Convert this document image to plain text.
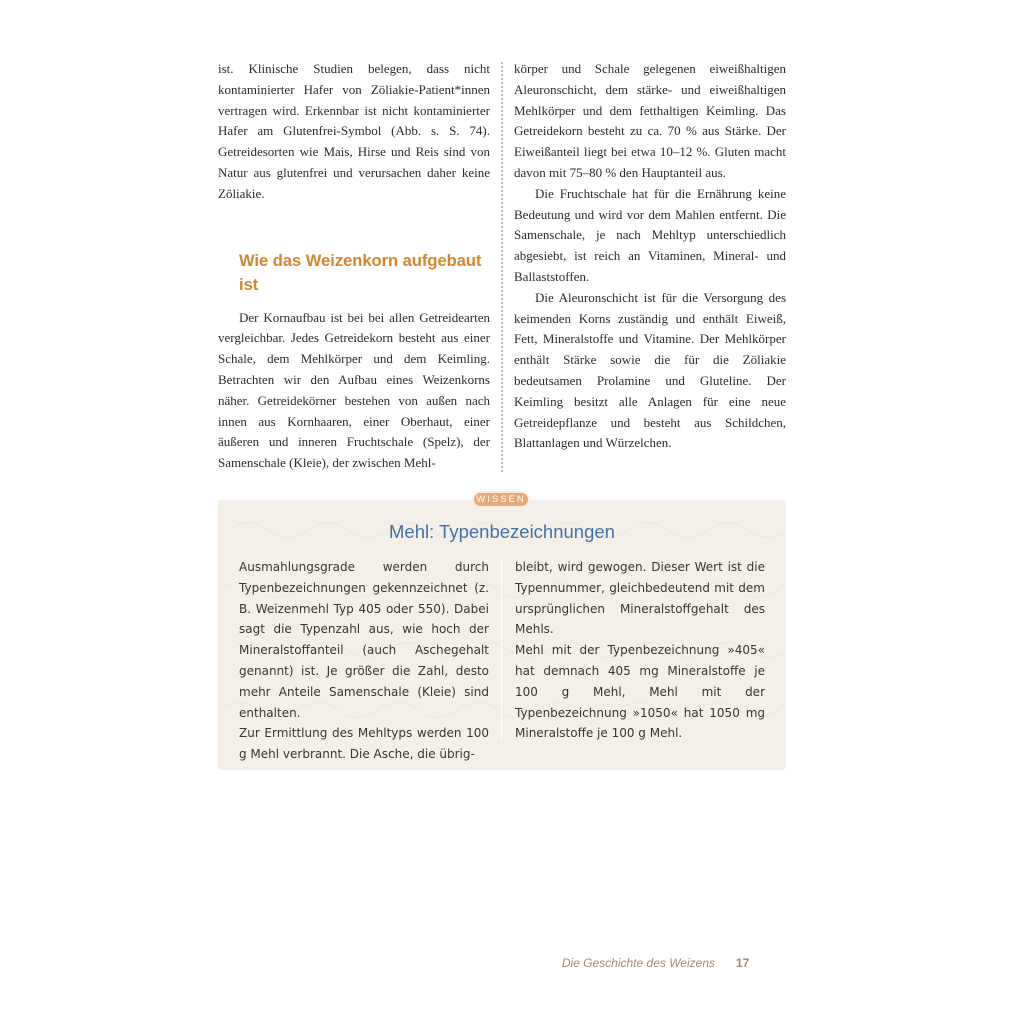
ist. Klinische Studien belegen, dass nicht kontaminierter Hafer von Zöliakie-Patient*innen vertragen wird. Erkennbar ist nicht kontaminierter Hafer am Glutenfrei-Symbol (Abb. s. S. 74). Getreidesorten wie Mais, Hirse und Reis sind von Natur aus glutenfrei und verursachen daher keine Zöliakie.

Wie das Weizenkorn aufgebaut ist

Der Kornaufbau ist bei bei allen Getreidearten vergleichbar. Jedes Getreidekorn besteht aus einer Schale, dem Mehlkörper und dem Keimling. Betrachten wir den Aufbau eines Weizenkorns näher. Getreidekörner bestehen von außen nach innen aus Kornhaaren, einer Oberhaut, einer äußeren und inneren Fruchtschale (Spelz), der Samenschale (Kleie), der zwischen Mehl-

körper und Schale gelegenen eiweißhaltigen Aleuronschicht, dem stärke- und eiweißhaltigen Mehlkörper und dem fetthaltigen Keimling. Das Getreidekorn besteht zu ca. 70 % aus Stärke. Der Eiweißanteil liegt bei etwa 10–12 %. Gluten macht davon mit 75–80 % den Hauptanteil aus.

Die Fruchtschale hat für die Ernährung keine Bedeutung und wird vor dem Mahlen entfernt. Die Samenschale, je nach Mehltyp unterschiedlich abgesiebt, ist reich an Vitaminen, Mineral- und Ballaststoffen.

Die Aleuronschicht ist für die Versorgung des keimenden Korns zuständig und enthält Eiweiß, Fett, Mineralstoffe und Vitamine. Der Mehlkörper enthält Stärke sowie die für die Zöliakie bedeutsamen Prolamine und Gluteline. Der Keimling besitzt alle Anlagen für eine neue Getreidepflanze und besteht aus Schildchen, Blattanlagen und Würzelchen.

WISSEN
Mehl: Typenbezeichnungen

Ausmahlungsgrade werden durch Typenbezeichnungen gekennzeichnet (z. B. Weizenmehl Typ 405 oder 550). Dabei sagt die Typenzahl aus, wie hoch der Mineralstoffanteil (auch Aschegehalt genannt) ist. Je größer die Zahl, desto mehr Anteile Samenschale (Kleie) sind enthalten.

Zur Ermittlung des Mehltyps werden 100 g Mehl verbrannt. Die Asche, die übrig-

bleibt, wird gewogen. Dieser Wert ist die Typennummer, gleichbedeutend mit dem ursprünglichen Mineralstoffgehalt des Mehls.

Mehl mit der Typenbezeichnung »405« hat demnach 405 mg Mineralstoffe je 100 g Mehl, Mehl mit der Typenbezeichnung »1050« hat 1050 mg Mineralstoffe je 100 g Mehl.

Die Geschichte des Weizens 17
